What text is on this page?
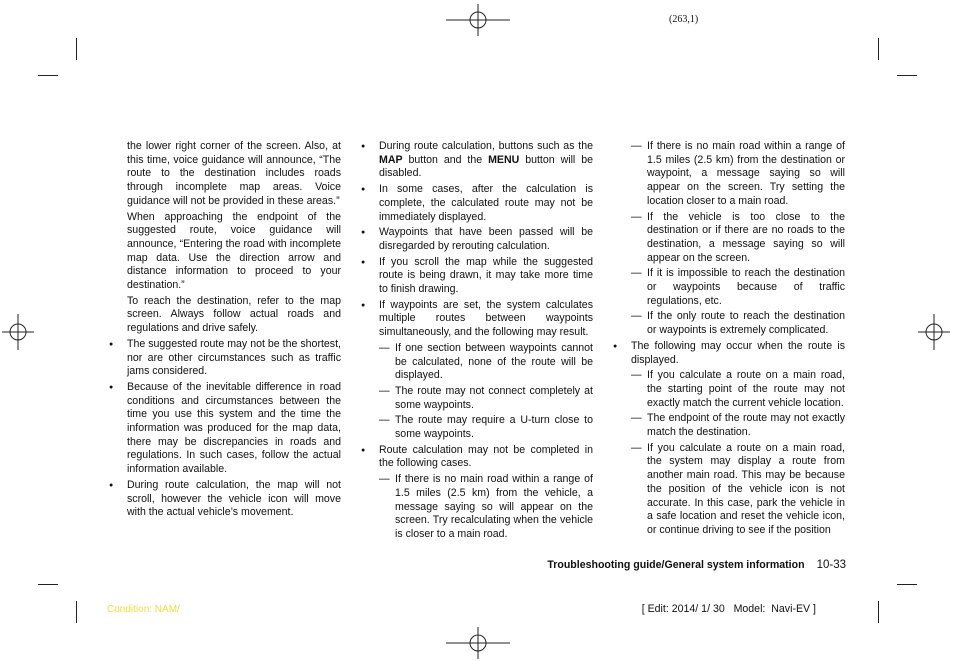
(263,1)

the lower right corner of the screen. Also, at this time, voice guidance will announce, “The route to the destination includes roads through incomplete map areas. Voice guidance will not be provided in these areas.”

When approaching the endpoint of the suggested route, voice guidance will announce, “Entering the road with incomplete map data. Use the direction arrow and distance information to proceed to your destination.”

To reach the destination, refer to the map screen. Always follow actual roads and regulations and drive safely.

● The suggested route may not be the shortest, nor are other circumstances such as traffic jams considered.

● Because of the inevitable difference in road conditions and circumstances between the time you use this system and the time the information was produced for the map data, there may be discrepancies in roads and regulations. In such cases, follow the actual information available.

● During route calculation, the map will not scroll, however the vehicle icon will move with the actual vehicle’s movement.

● During route calculation, buttons such as the MAP button and the MENU button will be disabled.

● In some cases, after the calculation is complete, the calculated route may not be immediately displayed.

● Waypoints that have been passed will be disregarded by rerouting calculation.

● If you scroll the map while the suggested route is being drawn, it may take more time to finish drawing.

● If waypoints are set, the system calculates multiple routes between waypoints simultaneously, and the following may result.

— If one section between waypoints cannot be calculated, none of the route will be displayed.

— The route may not connect completely at some waypoints.

— The route may require a U-turn close to some waypoints.

● Route calculation may not be completed in the following cases.

— If there is no main road within a range of 1.5 miles (2.5 km) from the vehicle, a message saying so will appear on the screen. Try recalculating when the vehicle is closer to a main road.

— If there is no main road within a range of 1.5 miles (2.5 km) from the destination or waypoint, a message saying so will appear on the screen. Try setting the location closer to a main road.

— If the vehicle is too close to the destination or if there are no roads to the destination, a message saying so will appear on the screen.

— If it is impossible to reach the destination or waypoints because of traffic regulations, etc.

— If the only route to reach the destination or waypoints is extremely complicated.

● The following may occur when the route is displayed.

— If you calculate a route on a main road, the starting point of the route may not exactly match the current vehicle location.

— The endpoint of the route may not exactly match the destination.

— If you calculate a route on a main road, the system may display a route from another main road. This may be because the position of the vehicle icon is not accurate. In this case, park the vehicle in a safe location and reset the vehicle icon, or continue driving to see if the position

Troubleshooting guide/General system information 10-33
Condition: NAM/	[ Edit: 2014/ 1/ 30   Model:  Navi-EV ]
